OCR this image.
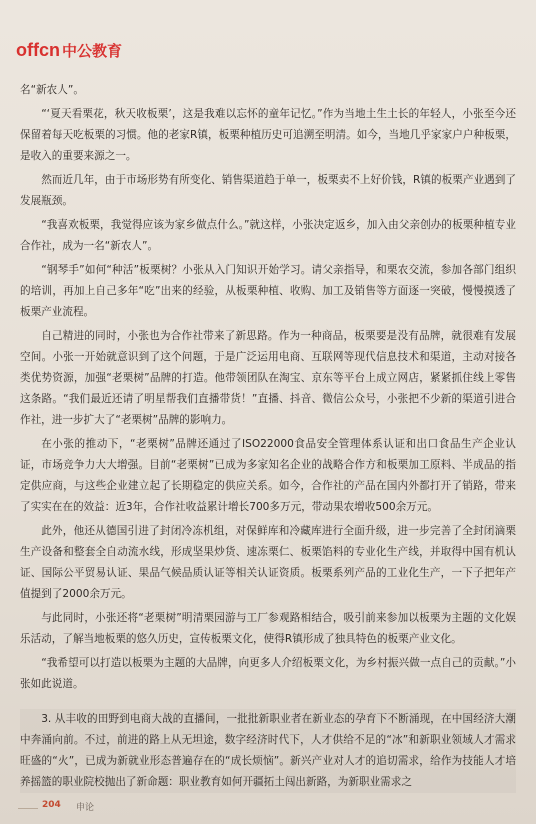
offcn 中公教育

名“新农人”。

“‘夏天看栗花，秋天收板栗’，这是我难以忘怀的童年记忆。”作为当地土生土长的年轻人，小张至今还保留着每天吃板栗的习惯。他的老家R镇，板栗种植历史可追溯至明清。如今，当地几乎家家户户种板栗，是收入的重要来源之一。

然而近几年，由于市场形势有所变化、销售渠道趋于单一，板栗卖不上好价钱，R镇的板栗产业遇到了发展瓶颈。

“我喜欢板栗，我觉得应该为家乡做点什么。”就这样，小张决定返乡，加入由父亲创办的板栗种植专业合作社，成为一名“新农人”。

“钢琴手”如何“种活”板栗树？小张从入门知识开始学习。请父亲指导，和栗农交流，参加各部门组织的培训，再加上自己多年“吃”出来的经验，从板栗种植、收购、加工及销售等方面逐一突破，慢慢摸透了板栗产业流程。

自己精进的同时，小张也为合作社带来了新思路。作为一种商品，板栗要是没有品牌，就很难有发展空间。小张一开始就意识到了这个问题，于是广泛运用电商、互联网等现代信息技术和渠道，主动对接各类优势资源，加强“老栗树”品牌的打造。他带领团队在淘宝、京东等平台上成立网店，紧紧抓住线上零售这条路。“我们最近还请了明星帮我们直播带货！”直播、抖音、微信公众号，小张把不少新的渠道引进合作社，进一步扩大了“老栗树”品牌的影响力。

在小张的推动下，“老栗树”品牌还通过了ISO22000食品安全管理体系认证和出口食品生产企业认证，市场竞争力大大增强。目前“老栗树”已成为多家知名企业的战略合作方和板栗加工原料、半成品的指定供应商，与这些企业建立起了长期稳定的供应关系。如今，合作社的产品在国内外都打开了销路，带来了实实在在的效益：近3年，合作社收益累计增长700多万元，带动果农增收500余万元。

此外，他还从德国引进了封闭冷冻机组，对保鲜库和冷藏库进行全面升级，进一步完善了全封闭滴栗生产设备和整套全自动流水线，形成坚果炒货、速冻栗仁、板栗馅料的专业化生产线，并取得中国有机认证、国际公平贸易认证、果品气候品质认证等相关认证资质。板栗系列产品的工业化生产，一下子把年产值提到了2000余万元。

与此同时，小张还将“老栗树”明清栗园游与工厂参观路相结合，吸引前来参加以板栗为主题的文化娱乐活动，了解当地板栗的悠久历史，宣传板栗文化，使得R镇形成了独具特色的板栗产业文化。

“我希望可以打造以板栗为主题的大品牌，向更多人介绍板栗文化，为乡村振兴做一点自己的贡献。”小张如此说道。

3. 从丰收的田野到电商大战的直播间，一批批新职业者在新业态的孕育下不断涌现，在中国经济大潮中奔涌向前。不过，前进的路上从无坦途，数字经济时代下，人才供给不足的“冰”和新职业领域人才需求旺盛的“火”，已成为新就业形态普遍存在的“成长烦恼”。新兴产业对人才的追切需求，给作为技能人才培养摇篮的职业院校抛出了新命题：职业教育如何开疆拓土闯出新路，为新职业需求之

204 申论
